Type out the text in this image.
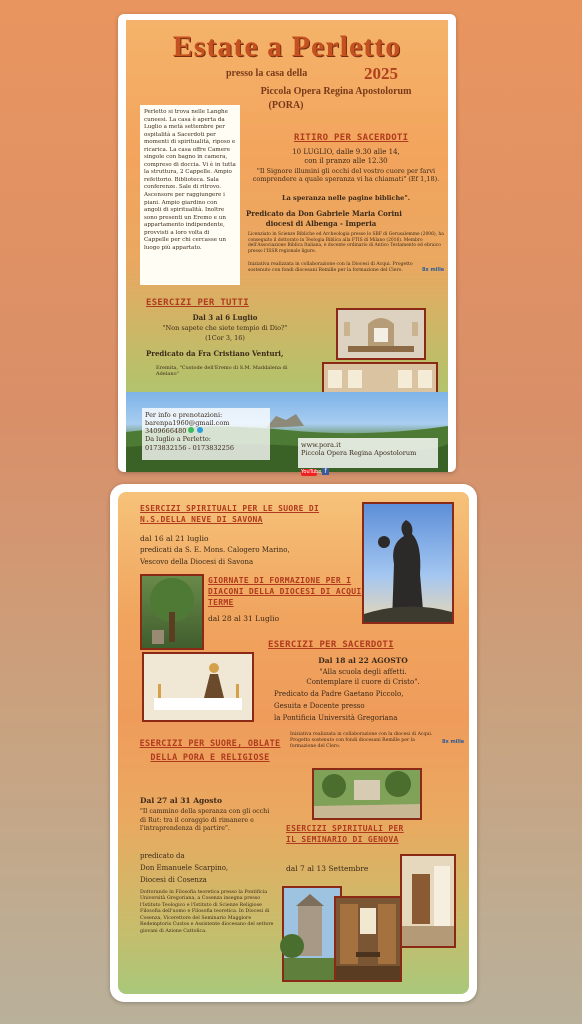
Estate a Perletto
presso la casa della	2025
Piccola Opera Regina Apostolorum
(PORA)
Perletto si trova nelle Langhe cuneesi. La casa è aperta da Luglio a metà settembre per ospitalità a Sacerdoti per momenti di spiritualità, riposo e ricarica. La casa offre Camere singole con bagno in camera, compreso di doccia. Vi è in tutta la struttura, 2 Cappelle. Ampio refettorio. Biblioteca. Sala conferenze. Sale di ritrovo. Ascensore per raggiungere i piani. Ampio giardino con angoli di spiritualità. Inoltre sono presenti un Eremo e un appartamento indipendente, provvisti a loro volta di Cappelle per chi cercasse un luogo più appartato.
RITIRO PER SACERDOTI
10 LUGLIO, dalle 9.30 alle 14,
con il pranzo alle 12.30
"Il Signore illumini gli occhi del vostro cuore per farvi comprendere a quale speranza vi ha chiamati" (Ef 1,18).
La speranza nelle pagine bibliche".
Predicato da Don Gabriele Maria Corini
diocesi di Albenga - Imperia
Licenziato in Scienze Bibliche ed Archeologia presso lo SBF di Gerusalemme (2006), ha conseguito il dottorato in Teologia Biblica alla FTIS di Milano (2016). Membro dell'Associazione Biblica Italiana, è docente ordinario di Antico Testamento ed ebraico presso l'ISSR regionale ligure.
Iniziativa realizzata in collaborazione con la Diocesi di Acqui. Progetto sostenuto con fondi diocesani Remille per la formazione del Clero.	8x mille
ESERCIZI PER TUTTI
Dal 3 al 6 Luglio
"Non sapete che siete tempio di Dio?"
(1Cor 3, 16)
Predicato da Fra Cristiano Venturi,
Eremita, "Custode dell'Eremo di S.M. Maddalena di Adelano"
Per info e prenotazioni:
barenpa1960@gmail.com
3409666480
Da luglio a Perletto:
0173832156 - 0173832256	www.pora.it
Piccola Opera Regina Apostolorum
YouTube f
ESERCIZI SPIRITUALI PER LE SUORE DI N.S.DELLA NEVE DI SAVONA
dal 16 al 21 luglio
predicati da S. E. Mons. Calogero Marino,
Vescovo della Diocesi di Savona
GIORNATE DI FORMAZIONE PER I DIACONI DELLA DIOCESI DI ACQUI TERME
dal 28 al 31 Luglio
ESERCIZI PER SACERDOTI
Dal 18 al 22 AGOSTO
"Alla scuola degli affetti.
Contemplare il cuore di Cristo".
Predicato da Padre Gaetano Piccolo,
Gesuita e Docente presso
la Pontificia Università Gregoriana
Iniziativa realizzata in collaborazione con la diocesi di Acqui. Progetto sostenuto con fondi diocesani Remille per la formazione del Clero.
8x mille
ESERCIZI PER SUORE, OBLATE DELLA PORA E RELIGIOSE
Dal 27 al 31 Agosto
"Il cammino della speranza con gli occhi di Rut: tra il coraggio di rimanere e l'intraprendenza di partire".
predicato da
Don Emanuele Scarpino,
Diocesi di Cosenza
Dottorando in Filosofia teoretica presso la Pontificia Università Gregoriana, a Cosenza insegna presso l'Istituto Teologico e l'Istituto di Scienze Religiose Filosofia dell'uomo e Filosofia teoretica. In Diocesi di Cosenza, Vicerettore del Seminario Maggiore Redemptoris Custos e Assistente diocesano del settore giovani di Azione Cattolica.
ESERCIZI SPIRITUALI PER IL SEMINARIO DI GENOVA
dal 7 al 13 Settembre
